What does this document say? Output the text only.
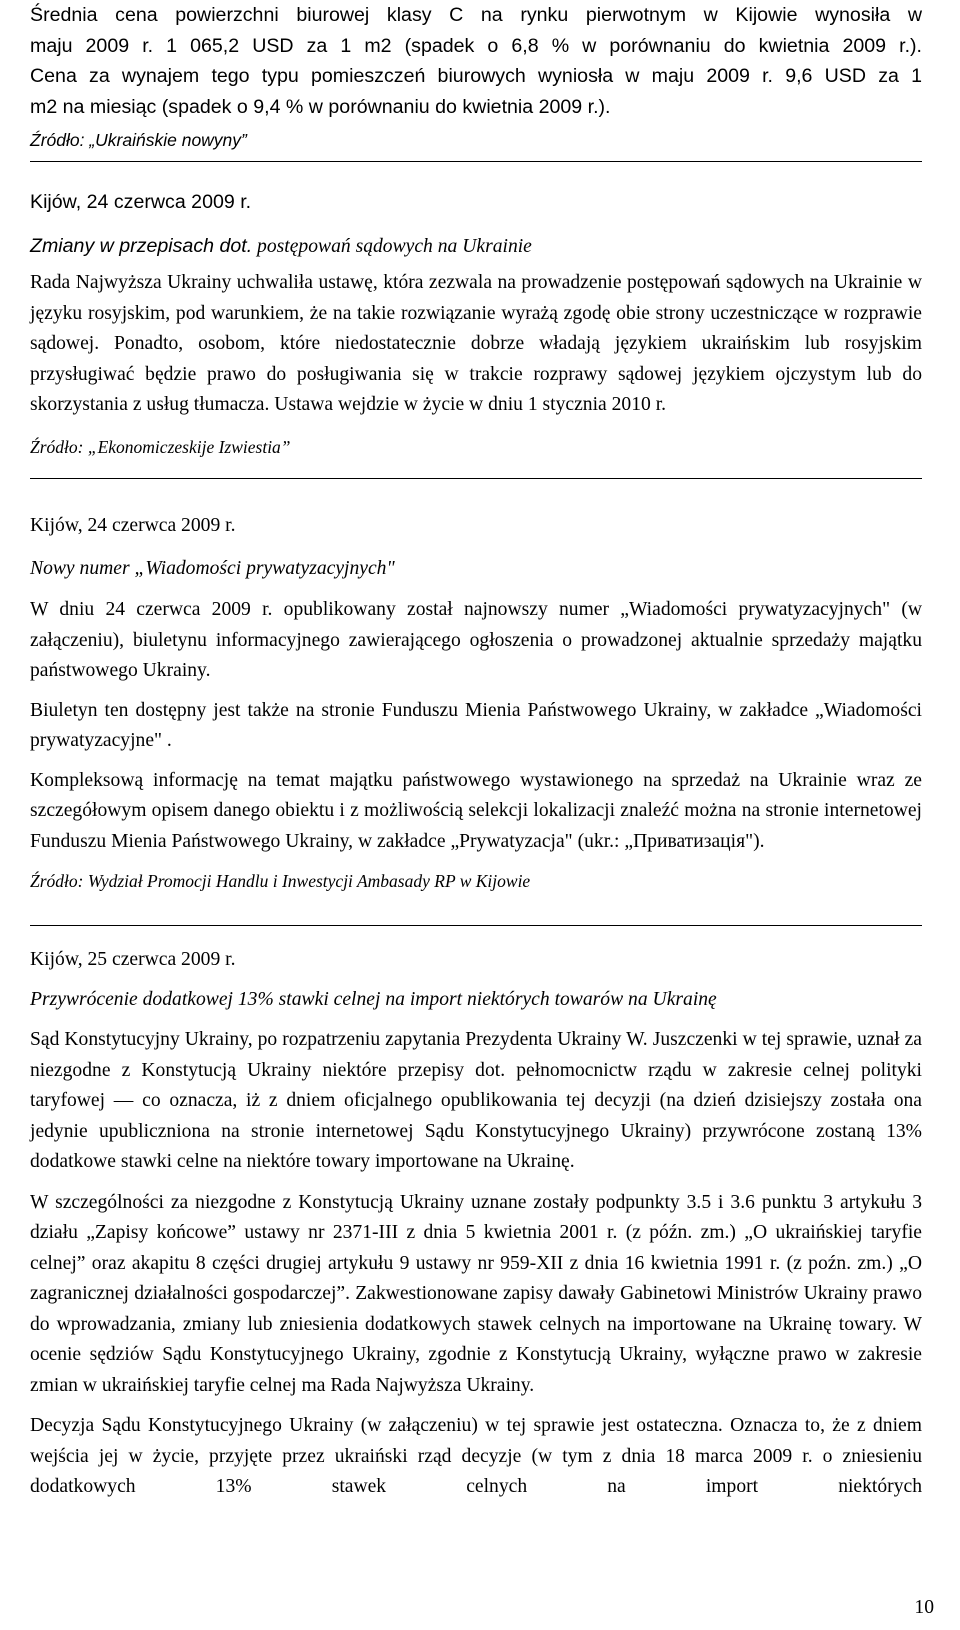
Średnia cena powierzchni biurowej klasy C na rynku pierwotnym w Kijowie wynosiła w

maju 2009 r. 1 065,2 USD za 1 m2 (spadek o 6,8 % w porównaniu do kwietnia 2009 r.).

Cena za wynajem tego typu pomieszczeń biurowych wyniosła w maju 2009 r. 9,6 USD za 1

m2 na miesiąc (spadek o 9,4 % w porównaniu do kwietnia 2009 r.).

Źródło: „Ukraińskie nowyny”

Kijów, 24 czerwca 2009 r.

Zmiany w przepisach dot. postępowań sądowych na Ukrainie

Rada Najwyższa Ukrainy uchwaliła ustawę, która zezwala na prowadzenie postępowań sądowych na Ukrainie w języku rosyjskim, pod warunkiem, że na takie rozwiązanie wyrażą zgodę obie strony uczestniczące w rozprawie sądowej. Ponadto, osobom, które niedostatecznie dobrze władają językiem ukraińskim lub rosyjskim przysługiwać będzie prawo do posługiwania się w trakcie rozprawy sądowej językiem ojczystym lub do skorzystania z usług tłumacza. Ustawa wejdzie w życie w dniu 1 stycznia 2010 r.

Źródło: „Ekonomiczeskije Izwiestia”

Kijów, 24 czerwca 2009 r.

Nowy numer „Wiadomości prywatyzacyjnych"

W dniu 24 czerwca 2009 r. opublikowany został najnowszy numer „Wiadomości prywatyzacyjnych" (w załączeniu), biuletynu informacyjnego zawierającego ogłoszenia o prowadzonej aktualnie sprzedaży majątku państwowego Ukrainy.

Biuletyn ten dostępny jest także na stronie Funduszu Mienia Państwowego Ukrainy, w zakładce „Wiadomości prywatyzacyjne" .

Kompleksową informację na temat majątku państwowego wystawionego na sprzedaż na Ukrainie wraz ze szczegółowym opisem danego obiektu i z możliwością selekcji lokalizacji znaleźć można na stronie internetowej Funduszu Mienia Państwowego Ukrainy, w zakładce „Prywatyzacja" (ukr.: „Приватизація").

Źródło: Wydział Promocji Handlu i Inwestycji Ambasady RP w Kijowie

Kijów, 25 czerwca 2009 r.

Przywrócenie dodatkowej 13% stawki celnej na import niektórych towarów na Ukrainę

Sąd Konstytucyjny Ukrainy, po rozpatrzeniu zapytania Prezydenta Ukrainy W. Juszczenki w tej sprawie, uznał za niezgodne z Konstytucją Ukrainy niektóre przepisy dot. pełnomocnictw rządu w zakresie celnej polityki taryfowej — co oznacza, iż z dniem oficjalnego opublikowania tej decyzji (na dzień dzisiejszy została ona jedynie upubliczniona na stronie internetowej Sądu Konstytucyjnego Ukrainy) przywrócone zostaną 13% dodatkowe stawki celne na niektóre towary importowane na Ukrainę.

W szczególności za niezgodne z Konstytucją Ukrainy uznane zostały podpunkty 3.5 i 3.6 punktu 3 artykułu 3 działu „Zapisy końcowe” ustawy nr 2371-III z dnia 5 kwietnia 2001 r. (z późn. zm.) „O ukraińskiej taryfie celnej” oraz akapitu 8 części drugiej artykułu 9 ustawy nr 959-XII z dnia 16 kwietnia 1991 r. (z poźn. zm.) „O zagranicznej działalności gospodarczej”. Zakwestionowane zapisy dawały Gabinetowi Ministrów Ukrainy prawo do wprowadzania, zmiany lub zniesienia dodatkowych stawek celnych na importowane na Ukrainę towary. W ocenie sędziów Sądu Konstytucyjnego Ukrainy, zgodnie z Konstytucją Ukrainy, wyłączne prawo w zakresie zmian w ukraińskiej taryfie celnej ma Rada Najwyższa Ukrainy.

Decyzja Sądu Konstytucyjnego Ukrainy (w załączeniu) w tej sprawie jest ostateczna. Oznacza to, że z dniem wejścia jej w życie, przyjęte przez ukraiński rząd decyzje (w tym z dnia 18 marca 2009 r. o zniesieniu dodatkowych 13% stawek celnych na import niektórych

10
